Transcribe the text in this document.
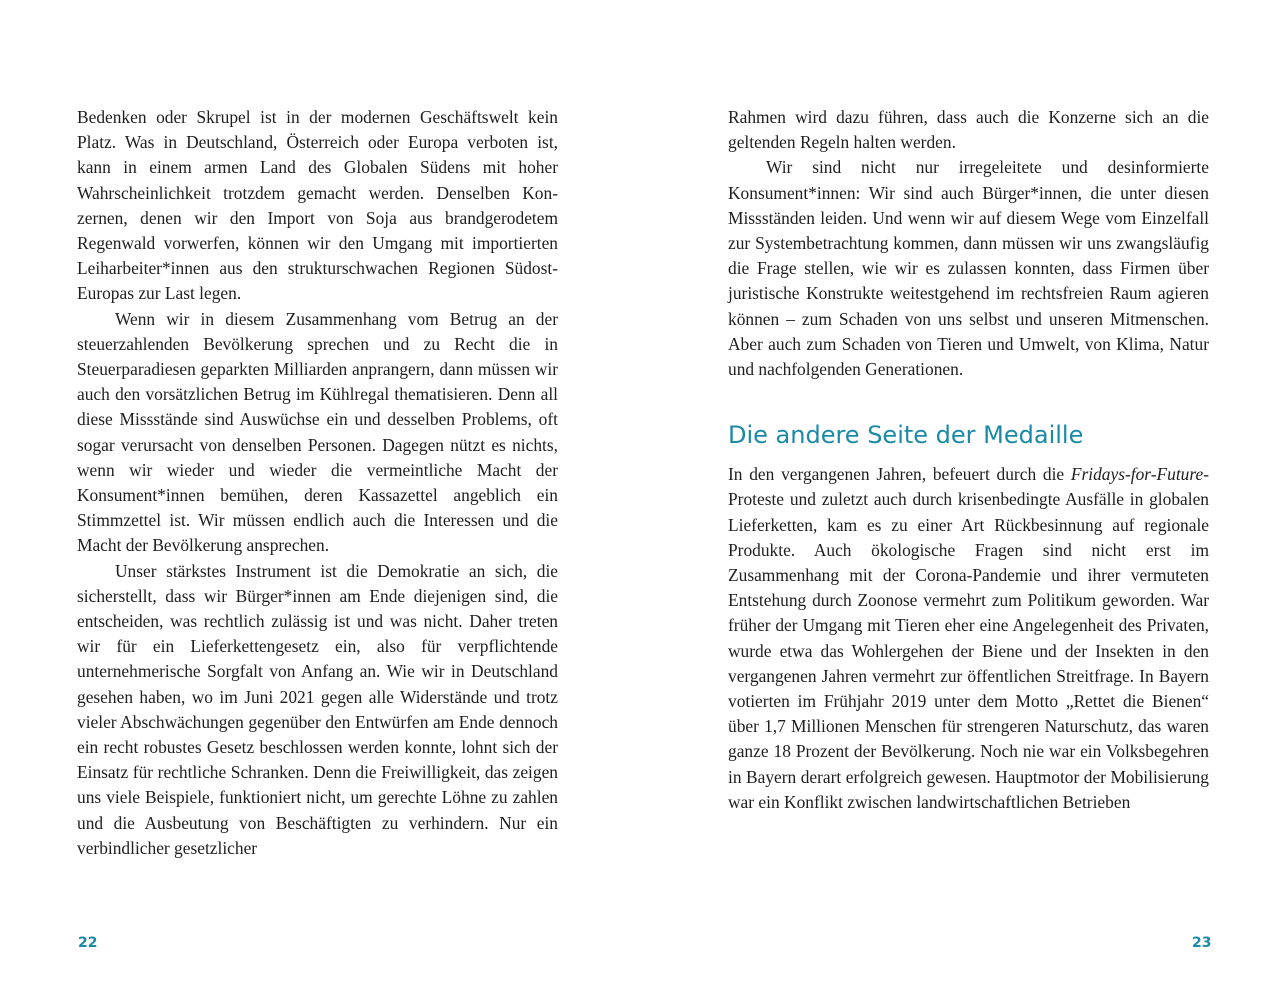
Bedenken oder Skrupel ist in der modernen Geschäftswelt kein Platz. Was in Deutschland, Österreich oder Europa verboten ist, kann in einem armen Land des Globalen Südens mit hoher Wahrscheinlichkeit trotzdem gemacht werden. Denselben Konzernen, denen wir den Import von Soja aus brandgerodetem Regenwald vorwerfen, können wir den Umgang mit importierten Leiharbeiter*innen aus den strukturschwachen Regionen Südost-Europas zur Last legen.

Wenn wir in diesem Zusammenhang vom Betrug an der steuerzahlenden Bevölkerung sprechen und zu Recht die in Steuerparadiesen geparkten Milliarden anprangern, dann müssen wir auch den vorsätzlichen Betrug im Kühlregal thematisieren. Denn all diese Missstände sind Auswüchse ein und desselben Problems, oft sogar verursacht von denselben Personen. Dagegen nützt es nichts, wenn wir wieder und wieder die vermeintliche Macht der Konsument*innen bemühen, deren Kassazettel angeblich ein Stimmzettel ist. Wir müssen endlich auch die Interessen und die Macht der Bevölkerung ansprechen.

Unser stärkstes Instrument ist die Demokratie an sich, die sicherstellt, dass wir Bürger*innen am Ende diejenigen sind, die entscheiden, was rechtlich zulässig ist und was nicht. Daher treten wir für ein Lieferkettengesetz ein, also für verpflichtende unternehmerische Sorgfalt von Anfang an. Wie wir in Deutschland gesehen haben, wo im Juni 2021 gegen alle Widerstände und trotz vieler Abschwächungen gegenüber den Entwürfen am Ende dennoch ein recht robustes Gesetz beschlossen werden konnte, lohnt sich der Einsatz für rechtliche Schranken. Denn die Freiwilligkeit, das zeigen uns viele Beispiele, funktioniert nicht, um gerechte Löhne zu zahlen und die Ausbeutung von Beschäftigten zu verhindern. Nur ein verbindlicher gesetzlicher

Rahmen wird dazu führen, dass auch die Konzerne sich an die geltenden Regeln halten werden.

Wir sind nicht nur irregeleitete und desinformierte Konsument*innen: Wir sind auch Bürger*innen, die unter diesen Missständen leiden. Und wenn wir auf diesem Wege vom Einzelfall zur Systembetrachtung kommen, dann müssen wir uns zwangsläufig die Frage stellen, wie wir es zulassen konnten, dass Firmen über juristische Konstrukte weitestgehend im rechtsfreien Raum agieren können – zum Schaden von uns selbst und unseren Mitmenschen. Aber auch zum Schaden von Tieren und Umwelt, von Klima, Natur und nachfolgenden Generationen.

Die andere Seite der Medaille

In den vergangenen Jahren, befeuert durch die Fridays-for-Future-Proteste und zuletzt auch durch krisenbedingte Ausfälle in globalen Lieferketten, kam es zu einer Art Rückbesinnung auf regionale Produkte. Auch ökologische Fragen sind nicht erst im Zusammenhang mit der Corona-Pandemie und ihrer vermuteten Entstehung durch Zoonose vermehrt zum Politikum geworden. War früher der Umgang mit Tieren eher eine Angelegenheit des Privaten, wurde etwa das Wohlergehen der Biene und der Insekten in den vergangenen Jahren vermehrt zur öffentlichen Streitfrage. In Bayern votierten im Frühjahr 2019 unter dem Motto „Rettet die Bienen“ über 1,7 Millionen Menschen für strengeren Naturschutz, das waren ganze 18 Prozent der Bevölkerung. Noch nie war ein Volksbegehren in Bayern derart erfolgreich gewesen. Hauptmotor der Mobilisierung war ein Konflikt zwischen landwirtschaftlichen Betrieben

22	23
